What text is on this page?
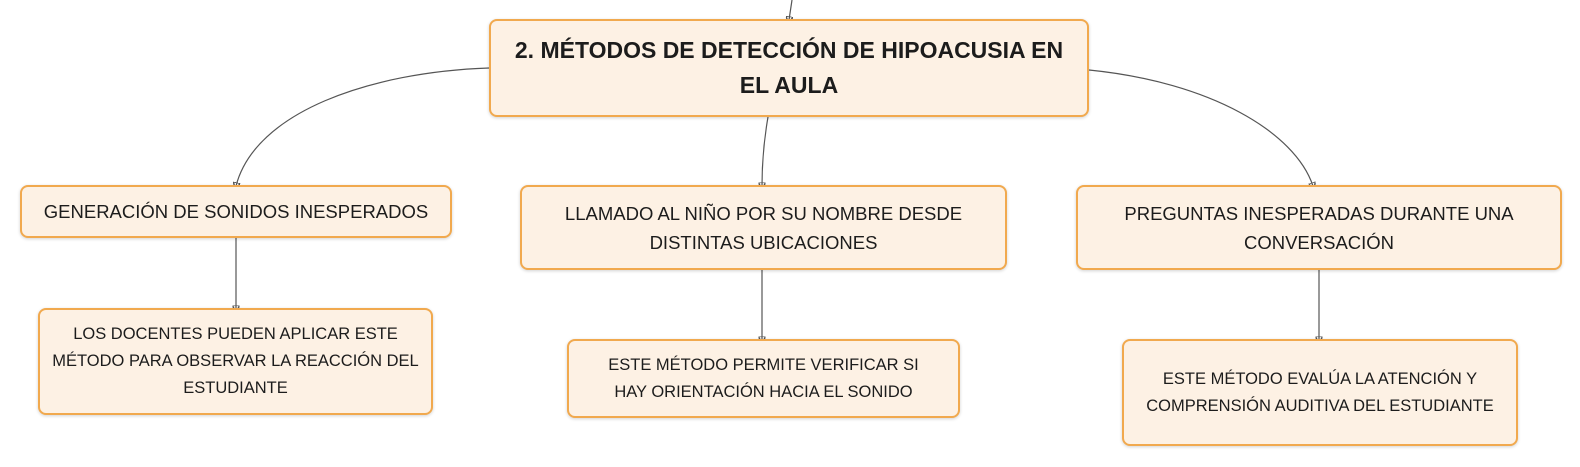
2. MÉTODOS DE DETECCIÓN DE HIPOACUSIA EN EL AULA
GENERACIÓN DE SONIDOS INESPERADOS	LLAMADO AL NIÑO POR SU NOMBRE DESDE DISTINTAS UBICACIONES
PREGUNTAS INESPERADAS DURANTE UNA CONVERSACIÓN
LOS DOCENTES PUEDEN APLICAR ESTE MÉTODO PARA OBSERVAR LA REACCIÓN DEL ESTUDIANTE
ESTE MÉTODO PERMITE VERIFICAR SI HAY ORIENTACIÓN HACIA EL SONIDO
ESTE MÉTODO EVALÚA LA ATENCIÓN Y COMPRENSIÓN AUDITIVA DEL ESTUDIANTE
